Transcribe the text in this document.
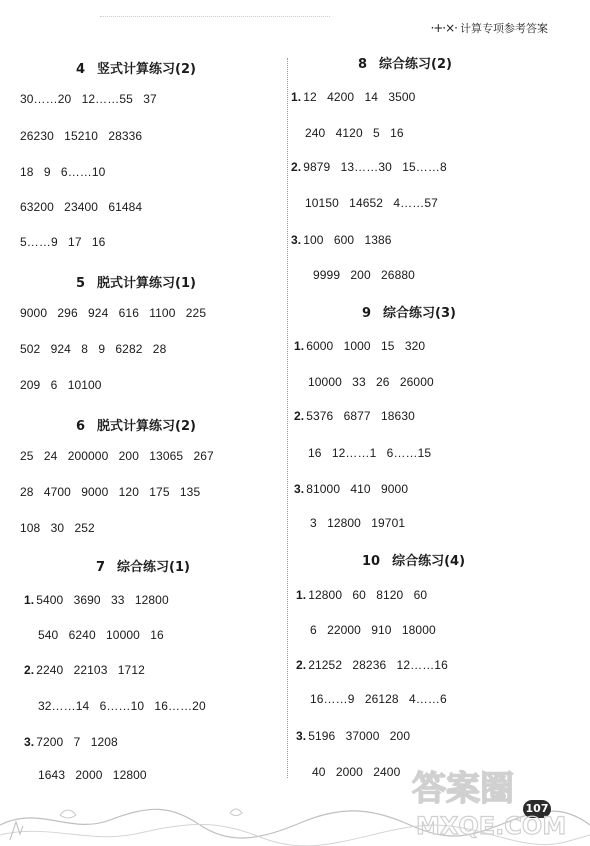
·+·×· 计算专项参考答案
4 竖式计算练习(2)
30……20   12……55   37
26230   15210   28336
18   9   6……10
63200   23400   61484
5……9   17   16
5 脱式计算练习(1)
9000   296   924   616   1100   225
502   924   8   9   6282   28
209   6   10100
6 脱式计算练习(2)
25   24   200000   200   13065   267
28   4700   9000   120   175   135
108   30   252
7 综合练习(1)
1. 5400   3690   33   12800
540   6240   10000   16
2. 2240   22103   1712
32……14   6……10   16……20
3. 7200   7   1208
1643   2000   12800
8 综合练习(2)
1. 12   4200   14   3500
240   4120   5   16
2. 9879   13……30   15……8
10150   14652   4……57
3. 100   600   1386
9999   200   26880
9 综合练习(3)
1. 6000   1000   15   320
10000   33   26   26000
2. 5376   6877   18630
16   12……1   6……15
3. 81000   410   9000
3   12800   19701
10 综合练习(4)
1. 12800   60   8120   60
6   22000   910   18000
2. 21252   28236   12……16
16……9   26128   4……6
3. 5196   37000   200
40   2000   2400
107
答案圈
MXQE.COM
